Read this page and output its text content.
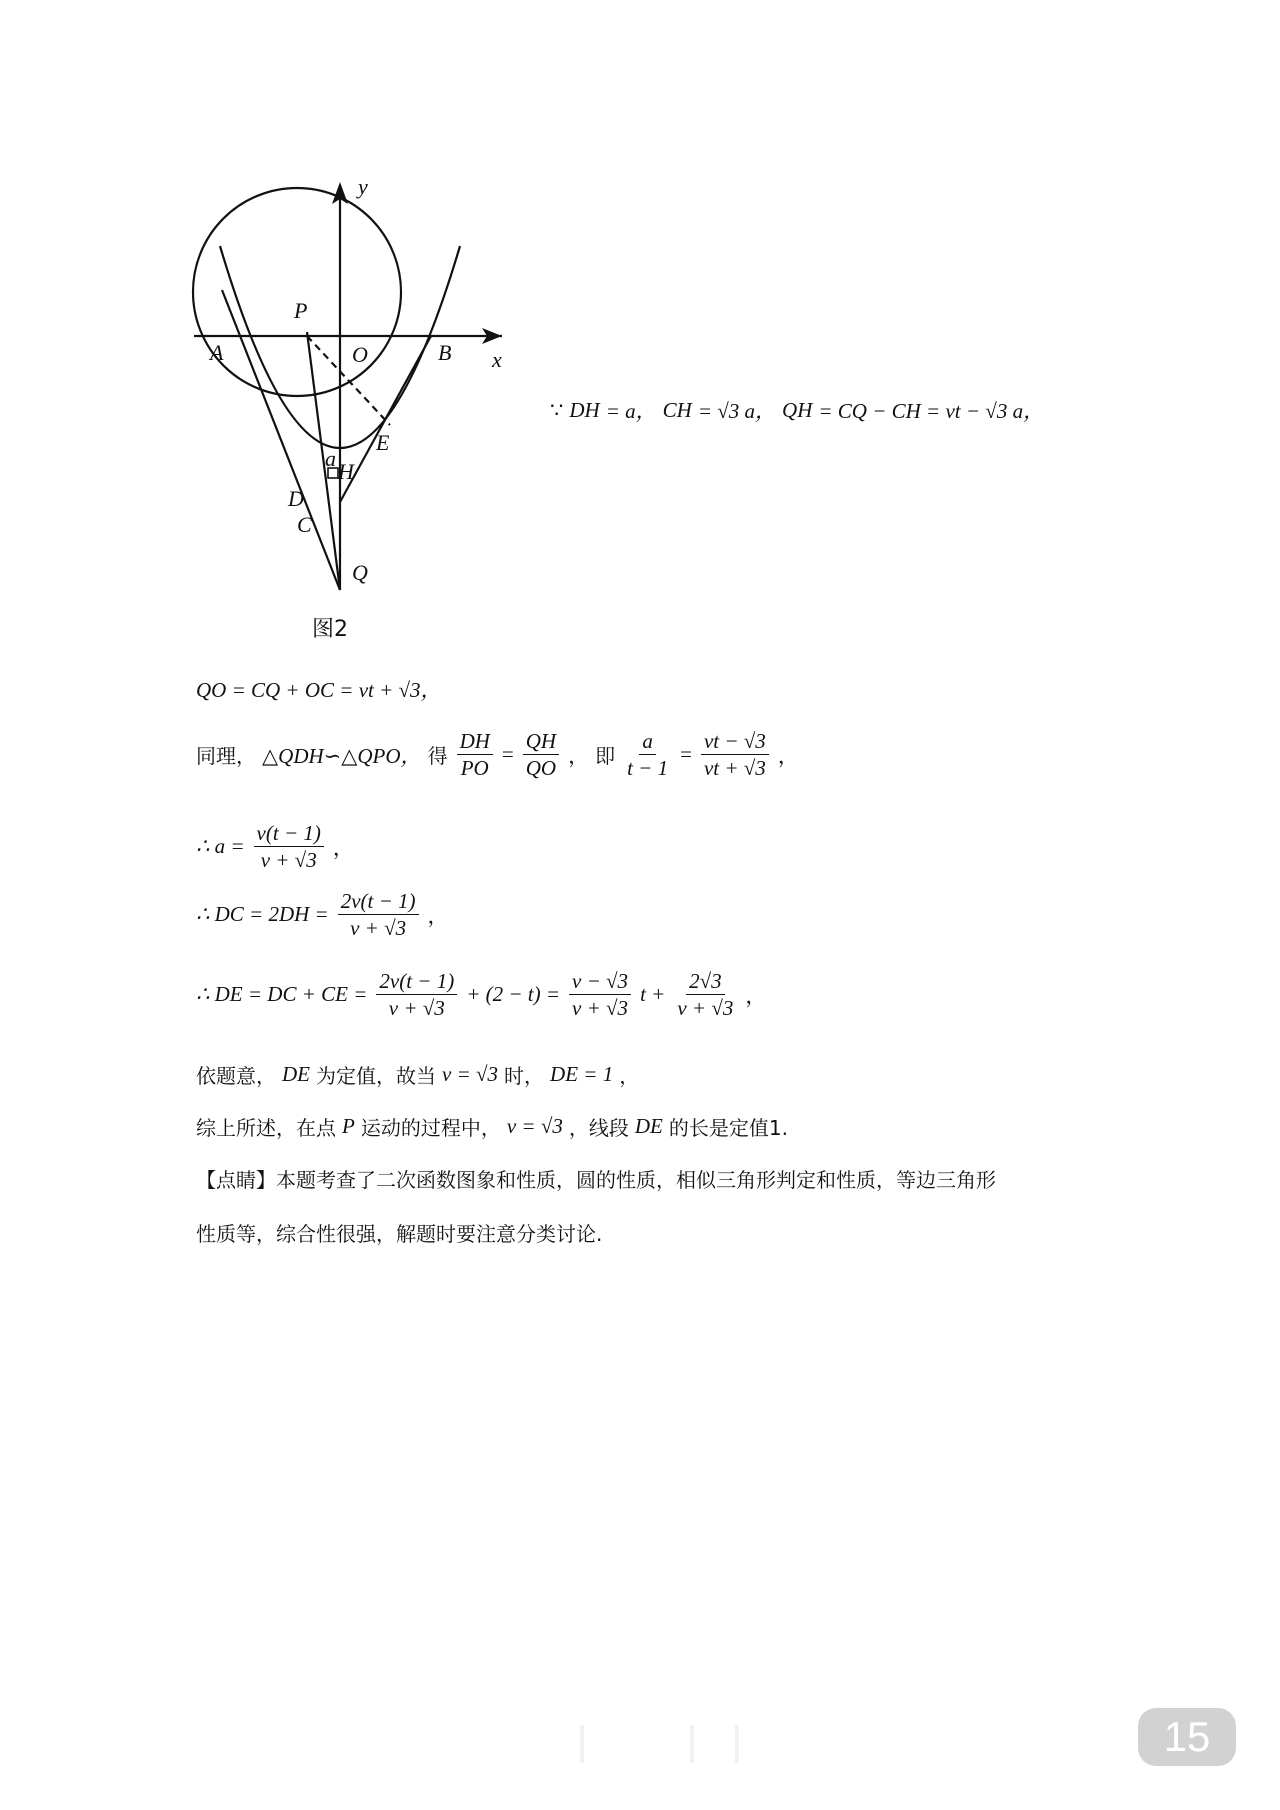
y
x
P
O
A	B
E
a
H
D
C
Q
图2
∵ DH = a， CH = √3 a， QH = CQ − CH = vt − √3 a，
QO = CQ + OC = vt + √3，
同理， △QDH∽△QPO， 得 $\frac{DH}{PO} = \frac{QH}{QO}$ ， 即 $\frac{a}{t - 1} = \frac{vt - √3}{vt + √3}$ ，
∴ $a = \frac{v(t - 1)}{v + √3}$ ，
∴ DC = $2DH = \frac{2v(t - 1)}{v + √3}$ ，
∴ DE = DC + CE = $\frac{2v(t - 1)}{v + √3} + (2 - t) = \frac{v - √3}{v + √3}$ $t + \frac{2√3}{v + √3}$ ，
依题意， DE 为定值，故当 v = √3 时， DE = 1 ，
综上所述，在点 P 运动的过程中， v = √3 ，线段 DE 的长是定值1.
【点睛】本题考查了二次函数图象和性质，圆的性质，相似三角形判定和性质，等边三角形
性质等，综合性很强，解题时要注意分类讨论.
15
